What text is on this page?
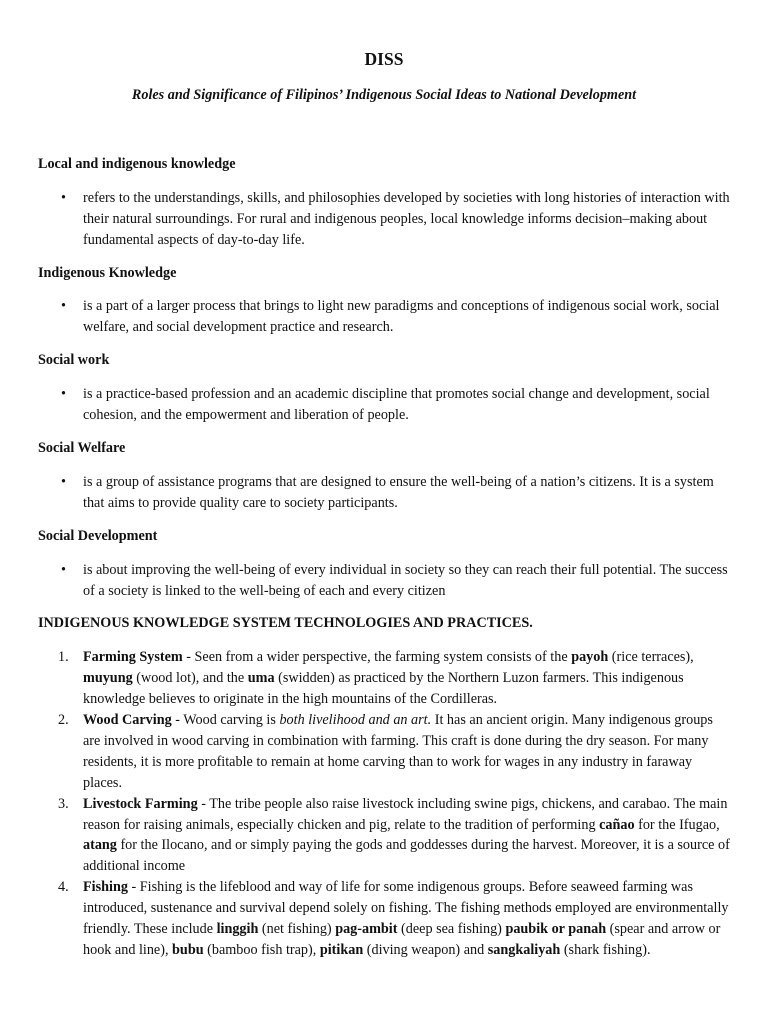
DISS

Roles and Significance of Filipinos’ Indigenous Social Ideas to National Development

Local and indigenous knowledge

• refers to the understandings, skills, and philosophies developed by societies with long histories of interaction with their natural surroundings. For rural and indigenous peoples, local knowledge informs decision–making about fundamental aspects of day-to-day life.

Indigenous Knowledge

• is a part of a larger process that brings to light new paradigms and conceptions of indigenous social work, social welfare, and social development practice and research.

Social work

• is a practice-based profession and an academic discipline that promotes social change and development, social cohesion, and the empowerment and liberation of people.

Social Welfare

• is a group of assistance programs that are designed to ensure the well-being of a nation’s citizens. It is a system that aims to provide quality care to society participants.

Social Development

• is about improving the well-being of every individual in society so they can reach their full potential. The success of a society is linked to the well-being of each and every citizen

INDIGENOUS KNOWLEDGE SYSTEM TECHNOLOGIES AND PRACTICES.

1. Farming System - Seen from a wider perspective, the farming system consists of the payoh (rice terraces), muyung (wood lot), and the uma (swidden) as practiced by the Northern Luzon farmers. This indigenous knowledge believes to originate in the high mountains of the Cordilleras.
2. Wood Carving - Wood carving is both livelihood and an art. It has an ancient origin. Many indigenous groups are involved in wood carving in combination with farming. This craft is done during the dry season. For many residents, it is more profitable to remain at home carving than to work for wages in any industry in faraway places.
3. Livestock Farming - The tribe people also raise livestock including swine pigs, chickens, and carabao. The main reason for raising animals, especially chicken and pig, relate to the tradition of performing cañao for the Ifugao, atang for the Ilocano, and or simply paying the gods and goddesses during the harvest. Moreover, it is a source of additional income
4. Fishing - Fishing is the lifeblood and way of life for some indigenous groups. Before seaweed farming was introduced, sustenance and survival depend solely on fishing. The fishing methods employed are environmentally friendly. These include linggih (net fishing) pag-ambit (deep sea fishing) paubik or panah (spear and arrow or hook and line), bubu (bamboo fish trap), pitikan (diving weapon) and sangkaliyah (shark fishing).
